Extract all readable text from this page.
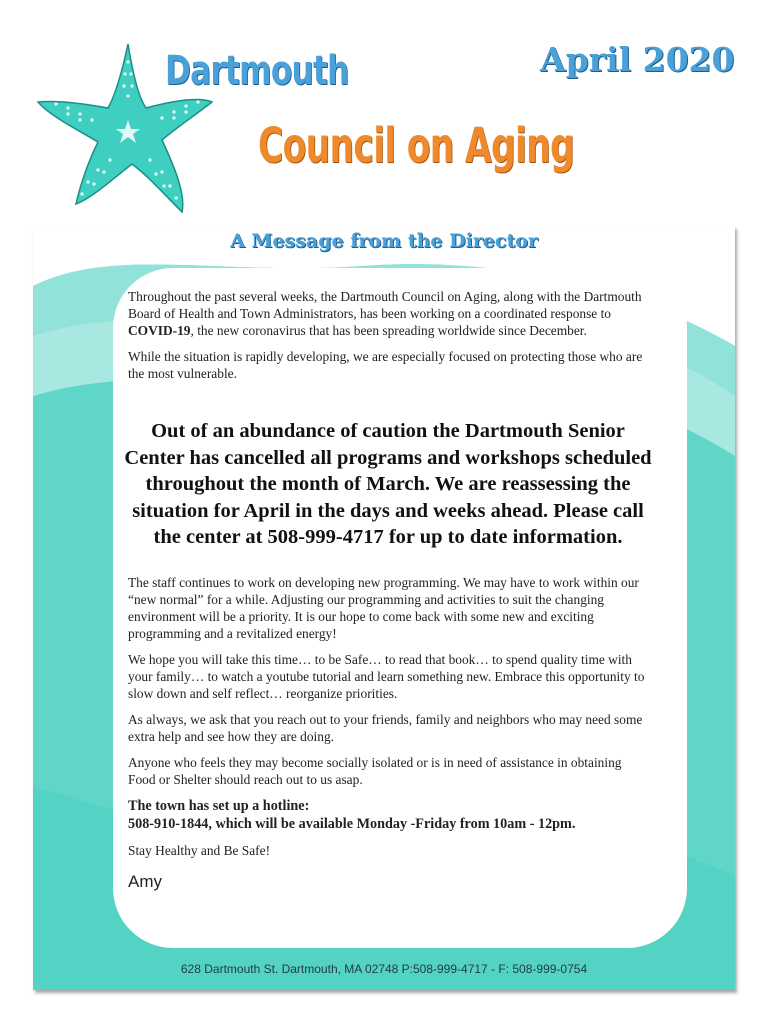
Dartmouth
Council on Aging
April 2020
A Message from the Director
628 Dartmouth St. Dartmouth, MA 02748 P:508-999-4717 - F: 508-999-0754

Throughout the past several weeks, the Dartmouth Council on Aging, along with the Dartmouth Board of Health and Town Administrators, has been working on a coordinated response to COVID-19, the new coronavirus that has been spreading worldwide since December.

While the situation is rapidly developing, we are especially focused on protecting those who are the most vulnerable.

Out of an abundance of caution the Dartmouth Senior Center has cancelled all programs and workshops scheduled throughout the month of March. We are reassessing the situation for April in the days and weeks ahead. Please call the center at 508-999-4717 for up to date information.

The staff continues to work on developing new programming. We may have to work within our “new normal” for a while. Adjusting our programming and activities to suit the changing environment will be a priority. It is our hope to come back with some new and exciting programming and a revitalized energy!

We hope you will take this time… to be Safe… to read that book… to spend quality time with your family… to watch a youtube tutorial and learn something new. Embrace this opportunity to slow down and self reflect… reorganize priorities.

As always, we ask that you reach out to your friends, family and neighbors who may need some extra help and see how they are doing.

Anyone who feels they may become socially isolated or is in need of assistance in obtaining Food or Shelter should reach out to us asap.

The town has set up a hotline:
508-910-1844, which will be available Monday -Friday from 10am - 12pm.

Stay Healthy and Be Safe!

Amy
